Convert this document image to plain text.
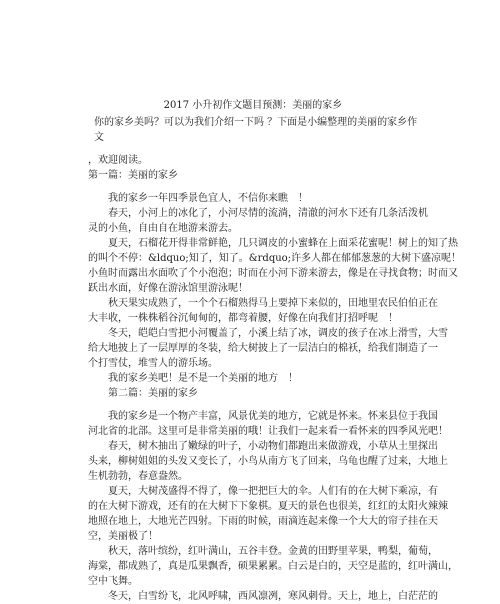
2017 小升初作文题目预测：美丽的家乡

你的家乡美吗？可以为我们介绍一下吗 ？下面是小编整理的美丽的家乡作文

，欢迎阅读。

第一篇：美丽的家乡

我的家乡一年四季景色宜人，不信你来瞧　！

春天，小河上的冰化了，小河尽情的流淌，清澈的河水下还有几条活泼机

灵的小鱼，自由自在地游来游去。

夏天，石榴花开得非常鲜艳，几只调皮的小蜜蜂在上面采花蜜呢！树上的知了热

的叫个不停：&ldquo;知了，知了。&rdquo;许多人都在郁郁葱葱的大树下盛凉呢！

小鱼时而露出水面吹了个小泡泡；时而在小河下游来游去，像是在寻找食物；时而又

跃出水面，好像在游泳馆里游泳呢！

秋天果实成熟了，一个个石榴熟得马上要掉下来似的，田地里农民伯伯正在

大丰收，一株株稻谷沉甸甸的，都弯着腰，好像在向我们打招呼呢　！

冬天，皑皑白雪把小河覆盖了，小溪上结了冰，调皮的孩子在冰上滑雪，大雪

给大地披上了一层厚厚的冬装，给大树披上了一层洁白的棉袄，给我们制造了一

个打雪仗，堆雪人的游乐场。

我的家乡美吧！是不是一个美丽的地方　！

第二篇：美丽的家乡

我的家乡是一个物产丰富，风景优美的地方，它就是怀来。怀来县位于我国

河北省的北部。这里可是非常美丽的哦！让我们一起来看一看怀来的四季风光吧！

春天，树木抽出了嫩绿的叶子，小动物们都跑出来做游戏，小草从土里探出

头来，柳树姐姐的头发又变长了，小鸟从南方飞了回来，乌龟也醒了过来，大地上

生机勃勃，春意盎然。

夏天，大树茂盛得不得了，像一把把巨大的伞。人们有的在大树下乘凉，有

的在大树下游戏，还有的在大树下下象棋。夏天的景色也很美，红红的太阳火辣辣

地照在地上，大地光芒四射。下雨的时候，雨滴连起来像一个大大的帘子挂在天

空，美丽极了！

秋天，落叶缤纷，红叶满山，五谷丰登。金黄的田野里苹果，鸭梨，葡萄，

海棠，都成熟了，真是瓜果飘香，硕果累累。白云是白的，天空是蓝的，红叶满山，

空中飞舞。

冬天，白雪纷飞，北风呼啸，西风凛冽，寒风刺骨。天上，地上，白茫茫的
